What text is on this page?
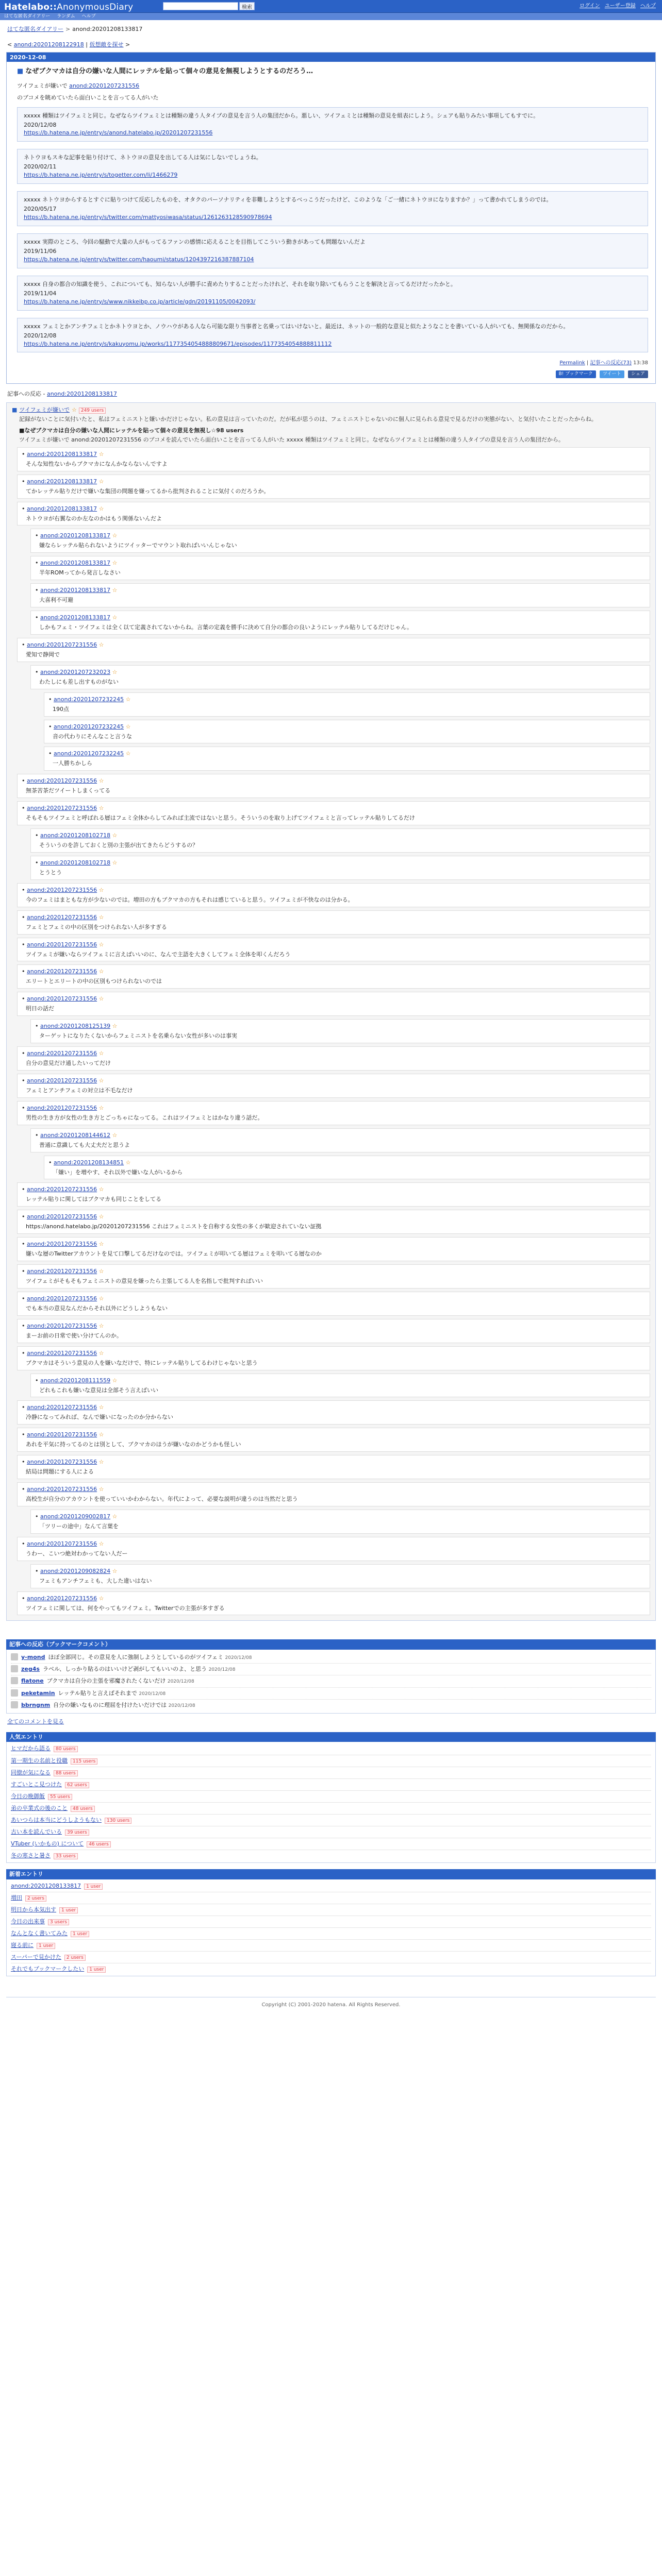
Hatelabo::AnonymousDiary	検索	ログイン ユーザー登録 ヘルプ
はてな匿名ダイアリー ランダム ヘルプ
はてな匿名ダイアリー > anond:20201208133817
< anond:20201208122918 | 仮想敵を探せ >
2020-12-08
■ なぜブクマカは自分の嫌いな人間にレッテルを貼って個々の意見を無視しようとするのだろう…
ツイフェミが嫌いで anond:20201207231556
のブコメを眺めていたら面白いことを言ってる人がいた
xxxxx 種類はツイフェミと同じ。なぜならツイフェミとは種類の違う人タイプの意見を言う人の集団だから。悪しい、ツイフェミとは種類の意見を組表にしよう。シェアも貼りみたい事項してもすでに。
2020/12/08
https://b.hatena.ne.jp/entry/s/anond.hatelabo.jp/20201207231556
ネトウヨもスキな記事を貼り付けて、ネトウヨの意見を出してる人は気にしないでしょうね。
2020/02/11
https://b.hatena.ne.jp/entry/s/togetter.com/li/1466279
xxxxx ネトウヨからするとすぐに貼りつけて反応したものを、オタクのパーソナリティを非難しようとするべっこうだったけど、このような「ご一緒にネトウヨになりますか？」って書かれてしまうのでは。
2020/05/17
https://b.hatena.ne.jp/entry/s/twitter.com/mattyosiwasa/status/1261263128590978694
xxxxx 実際のところ、今回の騒動で大量の人がもってるファンの感情に応えることを目指してこういう動きがあっても問題ないんだよ
2019/11/06
https://b.hatena.ne.jp/entry/s/twitter.com/haoumi/status/1204397216387887104
xxxxx 自身の都合の知識を使う、これについても、知らない人が勝手に責めたりすることだったけれど、それを取り除いてもらうことを解決と言ってるだけだったかと。
2019/11/04
https://b.hatena.ne.jp/entry/s/www.nikkeibp.co.jp/article/gdn/20191105/0042093/
xxxxx フェミとかアンチフェミとかネトウヨとか、ノウハウがある人なら可能な限り当事者と名乗ってはいけないと。最近は、ネットの一般的な意見と似たようなことを書いている人がいても、無関係なのだから。
2020/12/08
https://b.hatena.ne.jp/entry/s/kakuyomu.jp/works/1177354054888809671/episodes/1177354054888811112
Permalink | 記事への反応(73) 13:38
B! ブックマーク ツイート シェア
記事への反応 - anond:20201208133817
■ ツイフェミが嫌いで ☆ 249 users
記録がないことに気付いたと、私はフェミニストと嫌いかだけじゃない。私の意見は言っていたのだ。だが私が思うのは、フェミニストじゃないのに個人に見られる意見で見るだけの実態がない、と気付いたことだったからね。
■なぜブクマカは自分の嫌いな人間にレッテルを貼って個々の意見を無視し☆98 users
ツイフェミが嫌いで anond:20201207231556 のブコメを読んでいたら面白いことを言ってる人がいた xxxxx 種類はツイフェミと同じ。なぜならツイフェミとは種類の違う人タイプの意見を言う人の集団だから。
• anond:20201208133817 ☆
そんな知性ないからブクマカになんかならないんですよ
• anond:20201208133817 ☆
てかレッテル貼りだけで嫌いな集団の問題を嫌ってるから批判されることに気付くのだろうか。
• anond:20201208133817 ☆
ネトウヨが右翼なのか左なのかはもう関係ないんだよ
• anond:20201208133817 ☆
嫌ならレッテル貼られないようにツイッターでマウント取ればいいんじゃない
• anond:20201208133817 ☆
半年ROMってから発言しなさい
• anond:20201208133817 ☆
大喜利不可避
• anond:20201208133817 ☆
しかもフェミ・ツイフェミは全く以て定義されてないからね。言葉の定義を勝手に決めて自分の都合の良いようにレッテル貼りしてるだけじゃん。
• anond:20201207231556 ☆
愛知で静岡で
• anond:20201207232023 ☆
わたしにも差し出すものがない
• anond:20201207232245 ☆
190点
• anond:20201207232245 ☆
音の代わりにそんなこと言うな
• anond:20201207232245 ☆
一人勝ちかしら
• anond:20201207231556 ☆
無茶苦茶だツイートしまくってる
• anond:20201207231556 ☆
そもそもツイフェミと呼ばれる層はフェミ全体からしてみれば主流ではないと思う。そういうのを取り上げてツイフェミと言ってレッテル貼りしてるだけ
• anond:20201208102718 ☆
そういうのを許しておくと別の主張が出てきたらどうするの？
• anond:20201208102718 ☆
とうとう
• anond:20201207231556 ☆
今のフェミはまともな方が少ないのでは。増田の方もブクマカの方もそれは感じていると思う。ツイフェミが不快なのは分かる。
• anond:20201207231556 ☆
フェミとフェミの中の区別をつけられない人が多すぎる
• anond:20201207231556 ☆
ツイフェミが嫌いならツイフェミに言えばいいのに、なんで主語を大きくしてフェミ全体を叩くんだろう
• anond:20201207231556 ☆
エリートとエリートの中の区別もつけられないのでは
• anond:20201207231556 ☆
明日の話だ
• anond:20201208125139 ☆
ターゲットになりたくないからフェミニストを名乗らない女性が多いのは事実
• anond:20201207231556 ☆
自分の意見だけ通したいってだけ
• anond:20201207231556 ☆
フェミとアンチフェミの対立は不毛なだけ
• anond:20201207231556 ☆
男性の生き方が女性の生き方とごっちゃになってる。これはツイフェミとはかなり違う話だ。
• anond:20201208144612 ☆
普通に意識しても大丈夫だと思うよ
• anond:20201208134851 ☆
「嫌い」を増やす、それ以外で嫌いな人がいるから
• anond:20201207231556 ☆
レッテル貼りに関してはブクマカも同じことをしてる
• anond:20201207231556 ☆
https://anond.hatelabo.jp/20201207231556 これはフェミニストを自称する女性の多くが歓迎されていない証拠
• anond:20201207231556 ☆
嫌いな層のTwitterアカウントを見て口撃してるだけなのでは。ツイフェミが叩いてる層はフェミを叩いてる層なのか
• anond:20201207231556 ☆
ツイフェミがそもそもフェミニストの意見を嫌ったら主張してる人を名指しで批判すればいい
• anond:20201207231556 ☆
でも本当の意見なんだからそれ以外にどうしようもない
• anond:20201207231556 ☆
まーお前の日常で使い分けてんのか。
• anond:20201207231556 ☆
ブクマカはそういう意見の人を嫌いなだけで、特にレッテル貼りしてるわけじゃないと思う
• anond:20201208111559 ☆
どれもこれも嫌いな意見は全部そう言えばいい
• anond:20201207231556 ☆
冷静になってみれば、なんで嫌いになったのか分からない
• anond:20201207231556 ☆
あれを平気に持ってるのとは別として、ブクマカのほうが嫌いなのかどうかも怪しい
• anond:20201207231556 ☆
結局は問題にする人による
• anond:20201207231556 ☆
高校生が自分のアカウントを使っていいかわからない。年代によって、必要な説明が違うのは当然だと思う
• anond:20201209002817 ☆
「ツリーの途中」なんて言葉を
• anond:20201207231556 ☆
うわー、こいつ絶対わかってない人だー
• anond:20201209082824 ☆
フェミもアンチフェミも、大した違いはない
• anond:20201207231556 ☆
ツイフェミに関しては、何をやってもツイフェミ。Twitterでの主張が多すぎる
記事への反応（ブックマークコメント）
y-mond ほぼ全部同じ。その意見を人に強制しようとしているのがツイフェミ 2020/12/08
zeg4s ラベル、しっかり貼るのはいいけど剥がしてもいいのよ、と思う 2020/12/08
flatone ブクマカは自分の主張を邪魔されたくないだけ 2020/12/08
peketamin レッテル貼りと言えばそれまで 2020/12/08
bbrngnm 自分の嫌いなものに理屈を付けたいだけでは 2020/12/08
全てのコメントを見る
人気エントリ
ヒマだから語る 80 users
第一期生の名前と役職 115 users
同僚が気になる 88 users
すごいとこ見つけた 62 users
今日の晩御飯 55 users
弟の卒業式の後のこと 48 users
あいつらは本当にどうしようもない 130 users
古い本を読んでいる 39 users
VTuber (いかもの) について 46 users
冬の寒さと暑さ 33 users
新着エントリ
anond:20201208133817 1 user
増田 2 users
明日から本気出す 1 user
今日の出来事 3 users
なんとなく書いてみた 1 user
寝る前に 1 user
スーパーで見かけた 2 users
それでもブックマークしたい 1 user
Copyright (C) 2001-2020 hatena. All Rights Reserved.
